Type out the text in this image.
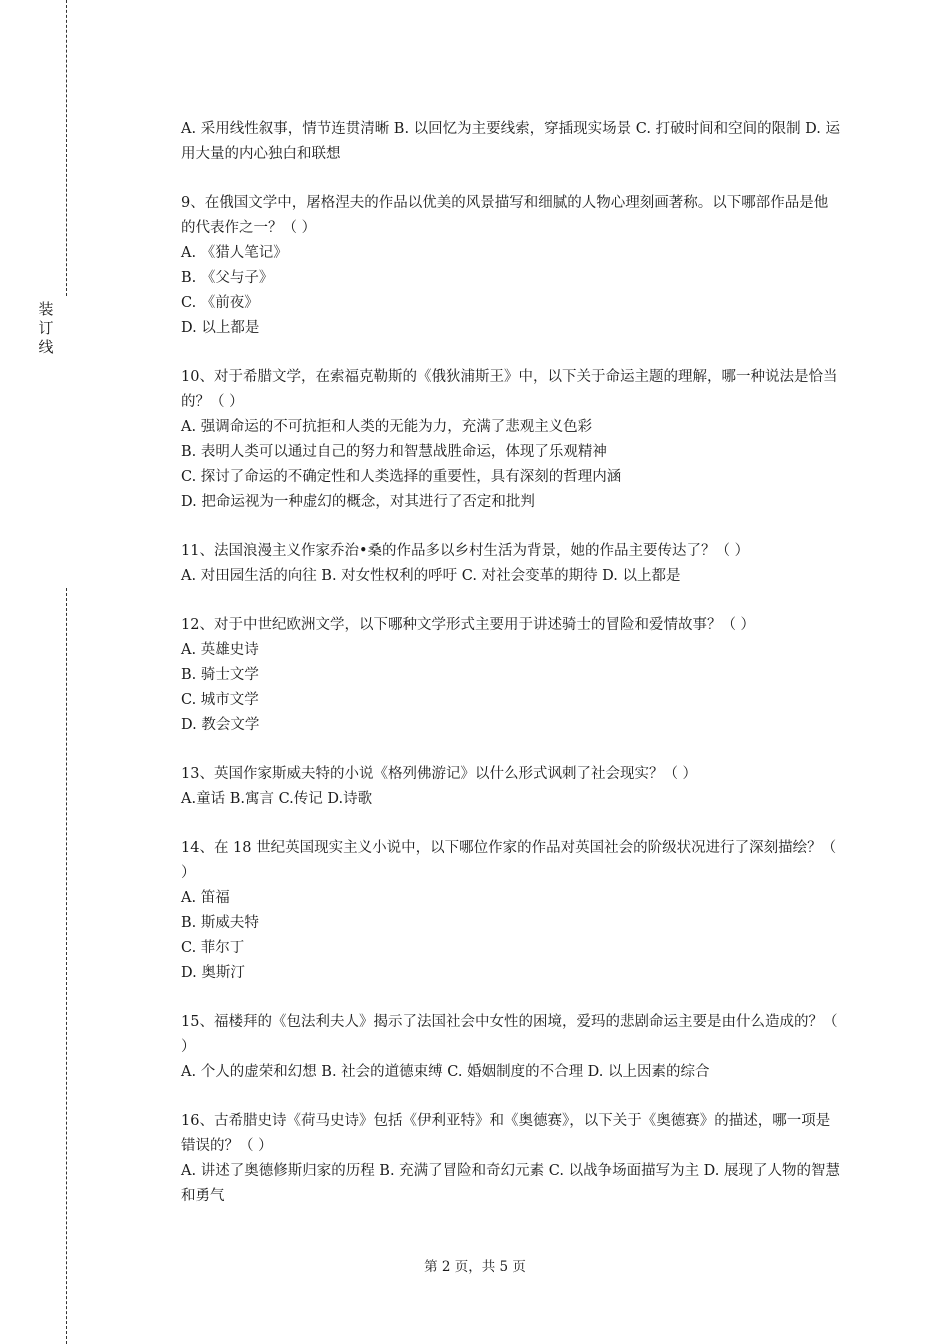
装
订
线

A. 采用线性叙事，情节连贯清晰 B. 以回忆为主要线索，穿插现实场景 C. 打破时间和空间的限制 D. 运用大量的内心独白和联想

9、在俄国文学中，屠格涅夫的作品以优美的风景描写和细腻的人物心理刻画著称。以下哪部作品是他的代表作之一？（ ）

A. 《猎人笔记》

B. 《父与子》

C. 《前夜》

D. 以上都是

10、对于希腊文学，在索福克勒斯的《俄狄浦斯王》中，以下关于命运主题的理解，哪一种说法是恰当的？（ ）

A. 强调命运的不可抗拒和人类的无能为力，充满了悲观主义色彩

B. 表明人类可以通过自己的努力和智慧战胜命运，体现了乐观精神

C. 探讨了命运的不确定性和人类选择的重要性，具有深刻的哲理内涵

D. 把命运视为一种虚幻的概念，对其进行了否定和批判

11、法国浪漫主义作家乔治•桑的作品多以乡村生活为背景，她的作品主要传达了？（ ）

A. 对田园生活的向往 B. 对女性权利的呼吁 C. 对社会变革的期待 D. 以上都是

12、对于中世纪欧洲文学，以下哪种文学形式主要用于讲述骑士的冒险和爱情故事？（ ）

A. 英雄史诗

B. 骑士文学

C. 城市文学

D. 教会文学

13、英国作家斯威夫特的小说《格列佛游记》以什么形式讽刺了社会现实？（ ）

A.童话 B.寓言 C.传记 D.诗歌

14、在 18 世纪英国现实主义小说中，以下哪位作家的作品对英国社会的阶级状况进行了深刻描绘？（ ）

A. 笛福

B. 斯威夫特

C. 菲尔丁

D. 奥斯汀

15、福楼拜的《包法利夫人》揭示了法国社会中女性的困境，爱玛的悲剧命运主要是由什么造成的？（ ）

A. 个人的虚荣和幻想 B. 社会的道德束缚 C. 婚姻制度的不合理 D. 以上因素的综合

16、古希腊史诗《荷马史诗》包括《伊利亚特》和《奥德赛》，以下关于《奥德赛》的描述，哪一项是错误的？（ ）

A. 讲述了奥德修斯归家的历程 B. 充满了冒险和奇幻元素 C. 以战争场面描写为主 D. 展现了人物的智慧和勇气

第 2 页，共 5 页
